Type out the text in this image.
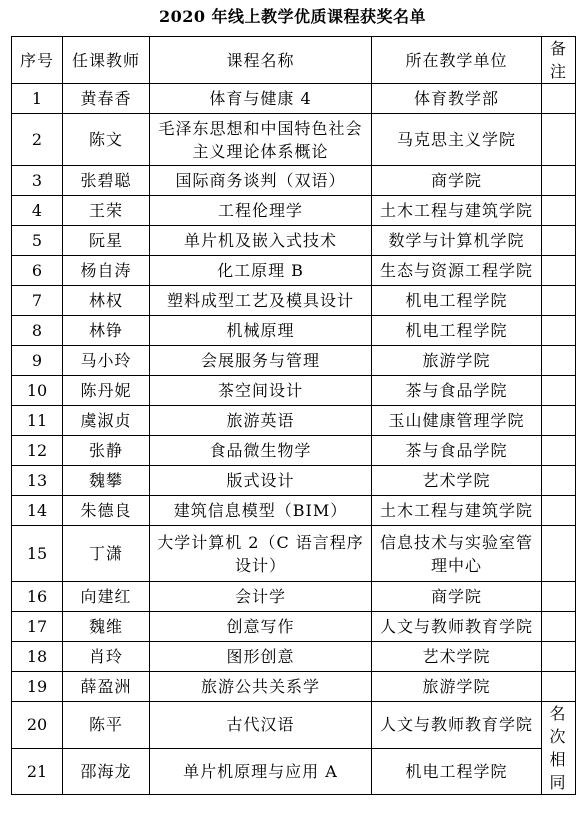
2020 年线上教学优质课程获奖名单
序号	任课教师	课程名称	所在教学单位	备注
1	黄春香	体育与健康 4	体育教学部	
2	陈文	毛泽东思想和中国特色社会主义理论体系概论	马克思主义学院	
3	张碧聪	国际商务谈判（双语）	商学院	
4	王荣	工程伦理学	土木工程与建筑学院	
5	阮星	单片机及嵌入式技术	数学与计算机学院	
6	杨自涛	化工原理 B	生态与资源工程学院	
7	林权	塑料成型工艺及模具设计	机电工程学院	
8	林铮	机械原理	机电工程学院	
9	马小玲	会展服务与管理	旅游学院	
10	陈丹妮	茶空间设计	茶与食品学院	
11	虞淑贞	旅游英语	玉山健康管理学院	
12	张静	食品微生物学	茶与食品学院	
13	魏攀	版式设计	艺术学院	
14	朱德良	建筑信息模型（BIM）	土木工程与建筑学院	
15	丁潇	大学计算机 2（C 语言程序设计）	信息技术与实验室管理中心	
16	向建红	会计学	商学院	
17	魏维	创意写作	人文与教师教育学院	
18	肖玲	图形创意	艺术学院	
19	薛盈洲	旅游公共关系学	旅游学院	
20	陈平	古代汉语	人文与教师教育学院	名次相同
21	邵海龙	单片机原理与应用 A	机电工程学院	
